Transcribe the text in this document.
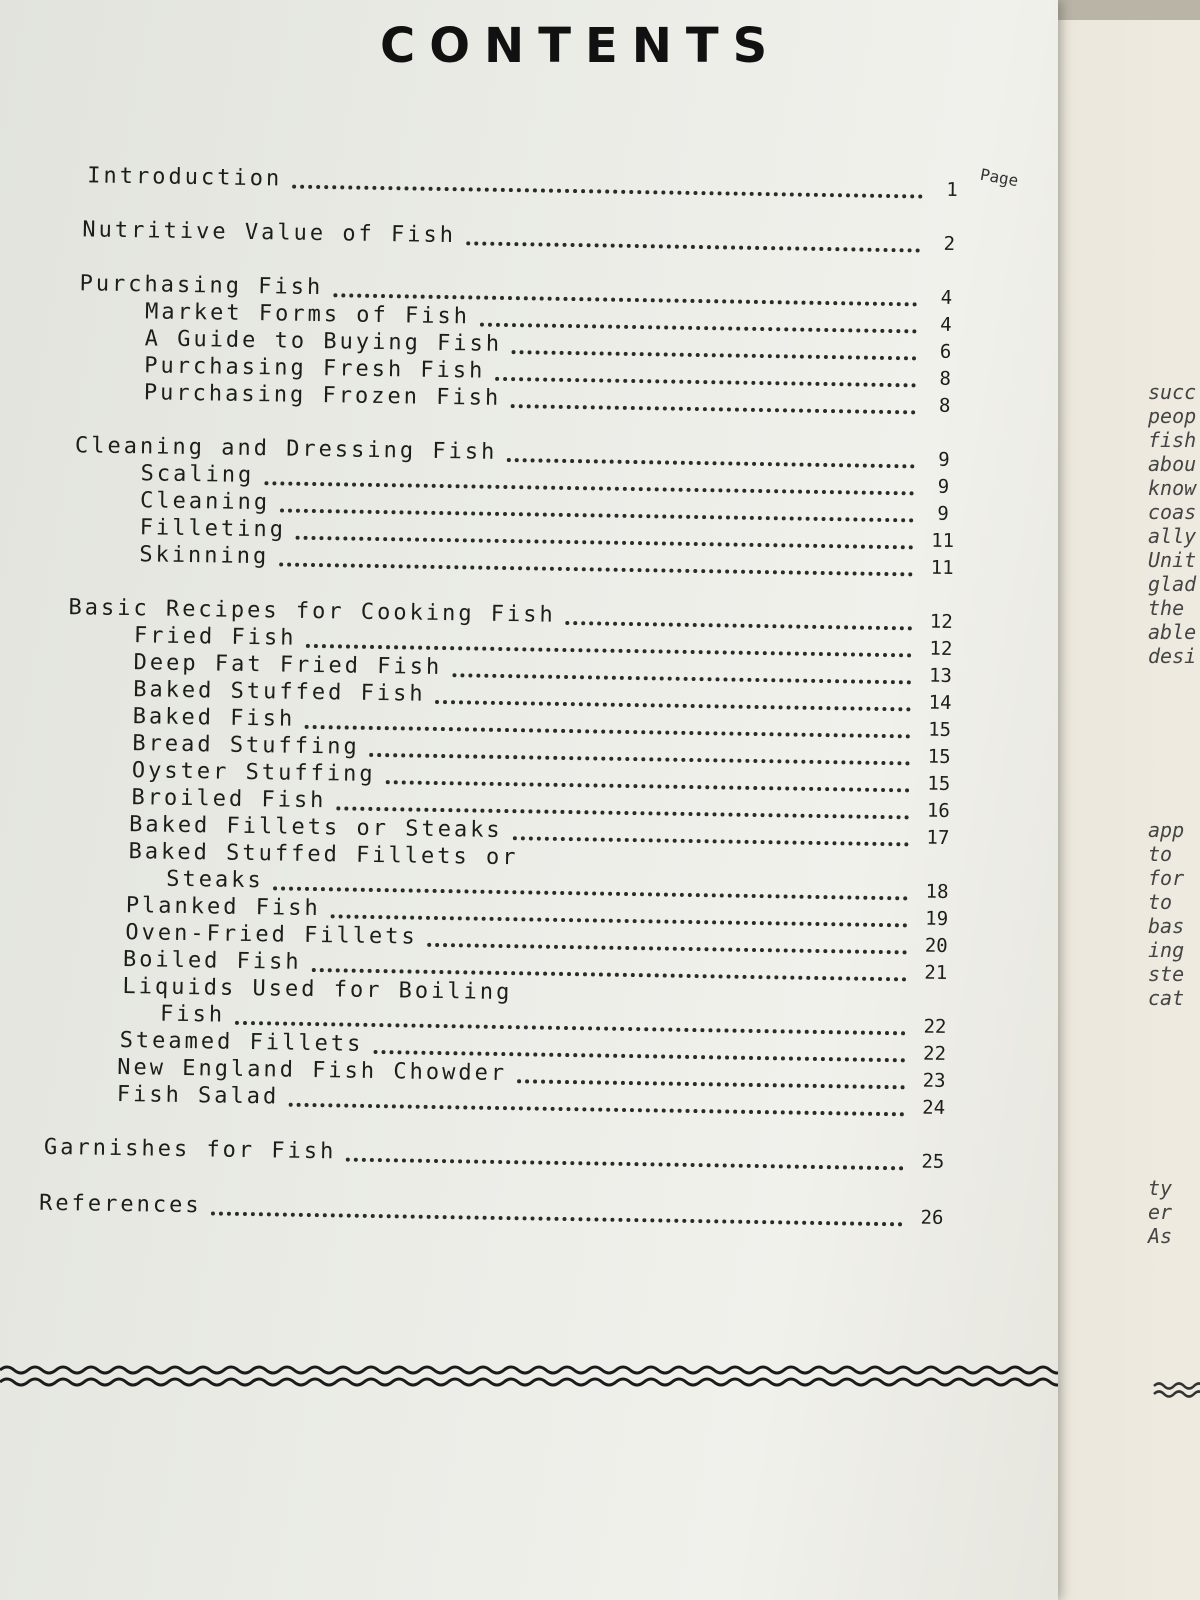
succ
peop
fish
abou
know
coas
ally
Unit
glad
the
able
desi
app
to
for
to
bas
ing
ste
cat
ty
er
As
CONTENTS
Page
Introduction	1
Nutritive Value of Fish	2
Purchasing Fish	4
Market Forms of Fish	4
A Guide to Buying Fish	6
Purchasing Fresh Fish	8
Purchasing Frozen Fish	8
Cleaning and Dressing Fish	9
Scaling	9
Cleaning	9
Filleting	11
Skinning	11
Basic Recipes for Cooking Fish	12
Fried Fish	12
Deep Fat Fried Fish	13
Baked Stuffed Fish	14
Baked Fish	15
Bread Stuffing	15
Oyster Stuffing	15
Broiled Fish	16
Baked Fillets or Steaks	17
Baked Stuffed Fillets or
Steaks	18
Planked Fish	19
Oven-Fried Fillets	20
Boiled Fish	21
Liquids Used for Boiling
Fish	22
Steamed Fillets	22
New England Fish Chowder	23
Fish Salad	24
Garnishes for Fish	25
References	26
